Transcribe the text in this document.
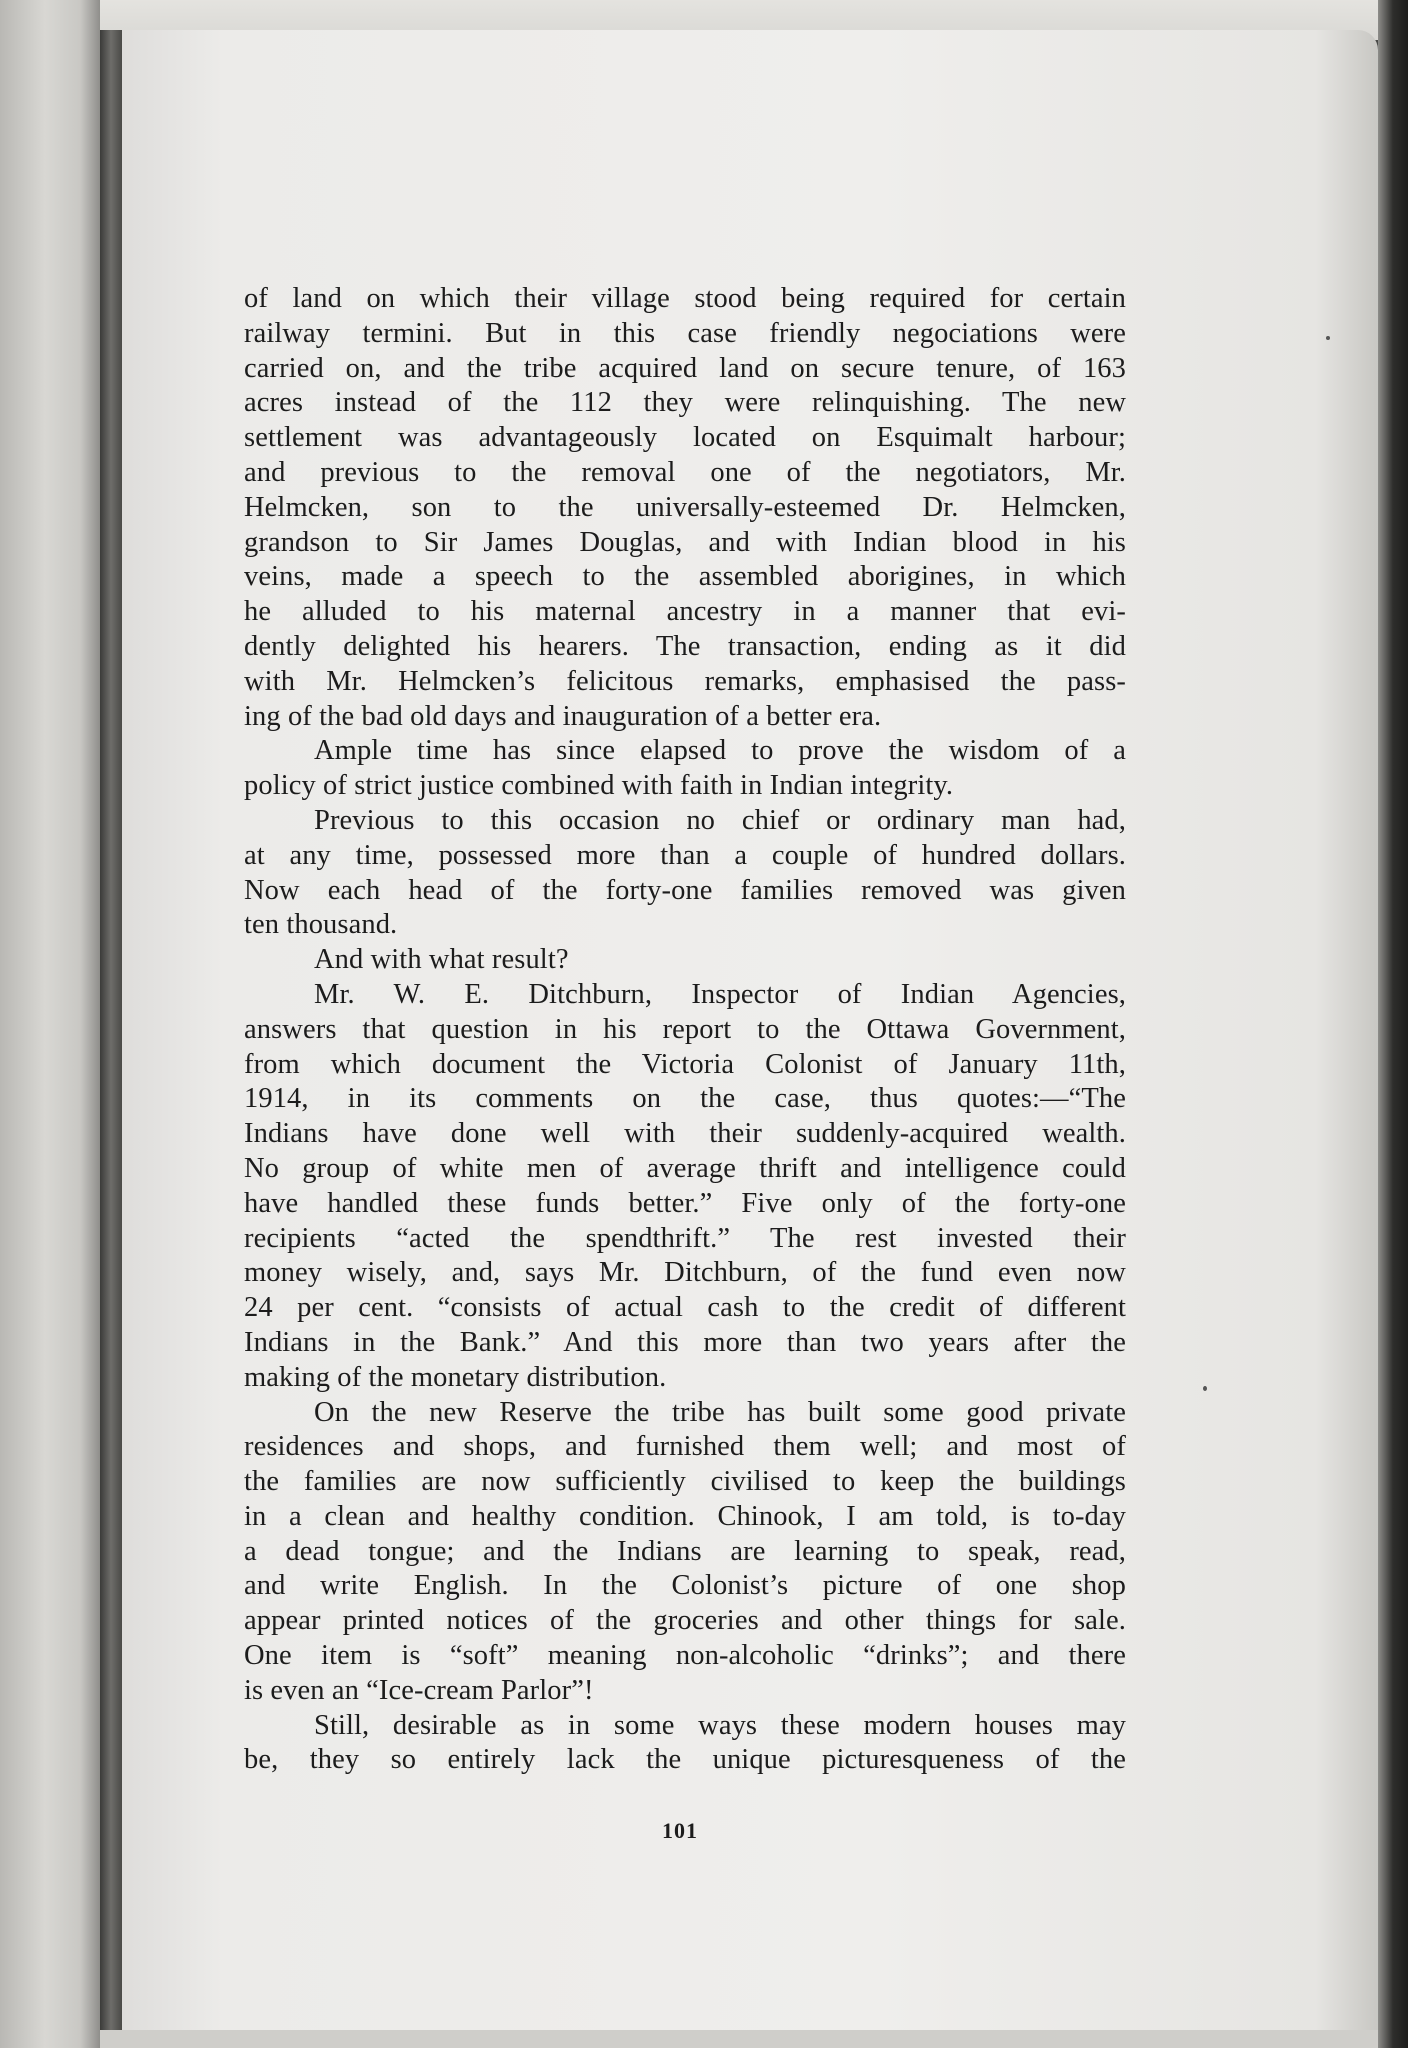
of land on which their village stood being required for certain

railway termini. But in this case friendly negociations were

carried on, and the tribe acquired land on secure tenure, of 163

acres instead of the 112 they were relinquishing. The new

settlement was advantageously located on Esquimalt harbour;

and previous to the removal one of the negotiators, Mr.

Helmcken, son to the universally-esteemed Dr. Helmcken,

grandson to Sir James Douglas, and with Indian blood in his

veins, made a speech to the assembled aborigines, in which

he alluded to his maternal ancestry in a manner that evi-

dently delighted his hearers. The transaction, ending as it did

with Mr. Helmcken’s felicitous remarks, emphasised the pass-

ing of the bad old days and inauguration of a better era.

Ample time has since elapsed to prove the wisdom of a

policy of strict justice combined with faith in Indian integrity.

Previous to this occasion no chief or ordinary man had,

at any time, possessed more than a couple of hundred dollars.

Now each head of the forty-one families removed was given

ten thousand.

And with what result?

Mr. W. E. Ditchburn, Inspector of Indian Agencies,

answers that question in his report to the Ottawa Government,

from which document the Victoria Colonist of January 11th,

1914, in its comments on the case, thus quotes:—“The

Indians have done well with their suddenly-acquired wealth.

No group of white men of average thrift and intelligence could

have handled these funds better.” Five only of the forty-one

recipients “acted the spendthrift.” The rest invested their

money wisely, and, says Mr. Ditchburn, of the fund even now

24 per cent. “consists of actual cash to the credit of different

Indians in the Bank.” And this more than two years after the

making of the monetary distribution.

On the new Reserve the tribe has built some good private

residences and shops, and furnished them well; and most of

the families are now sufficiently civilised to keep the buildings

in a clean and healthy condition. Chinook, I am told, is to-day

a dead tongue; and the Indians are learning to speak, read,

and write English. In the Colonist’s picture of one shop

appear printed notices of the groceries and other things for sale.

One item is “soft” meaning non-alcoholic “drinks”; and there

is even an “Ice-cream Parlor”!

Still, desirable as in some ways these modern houses may

be, they so entirely lack the unique picturesqueness of the

101
